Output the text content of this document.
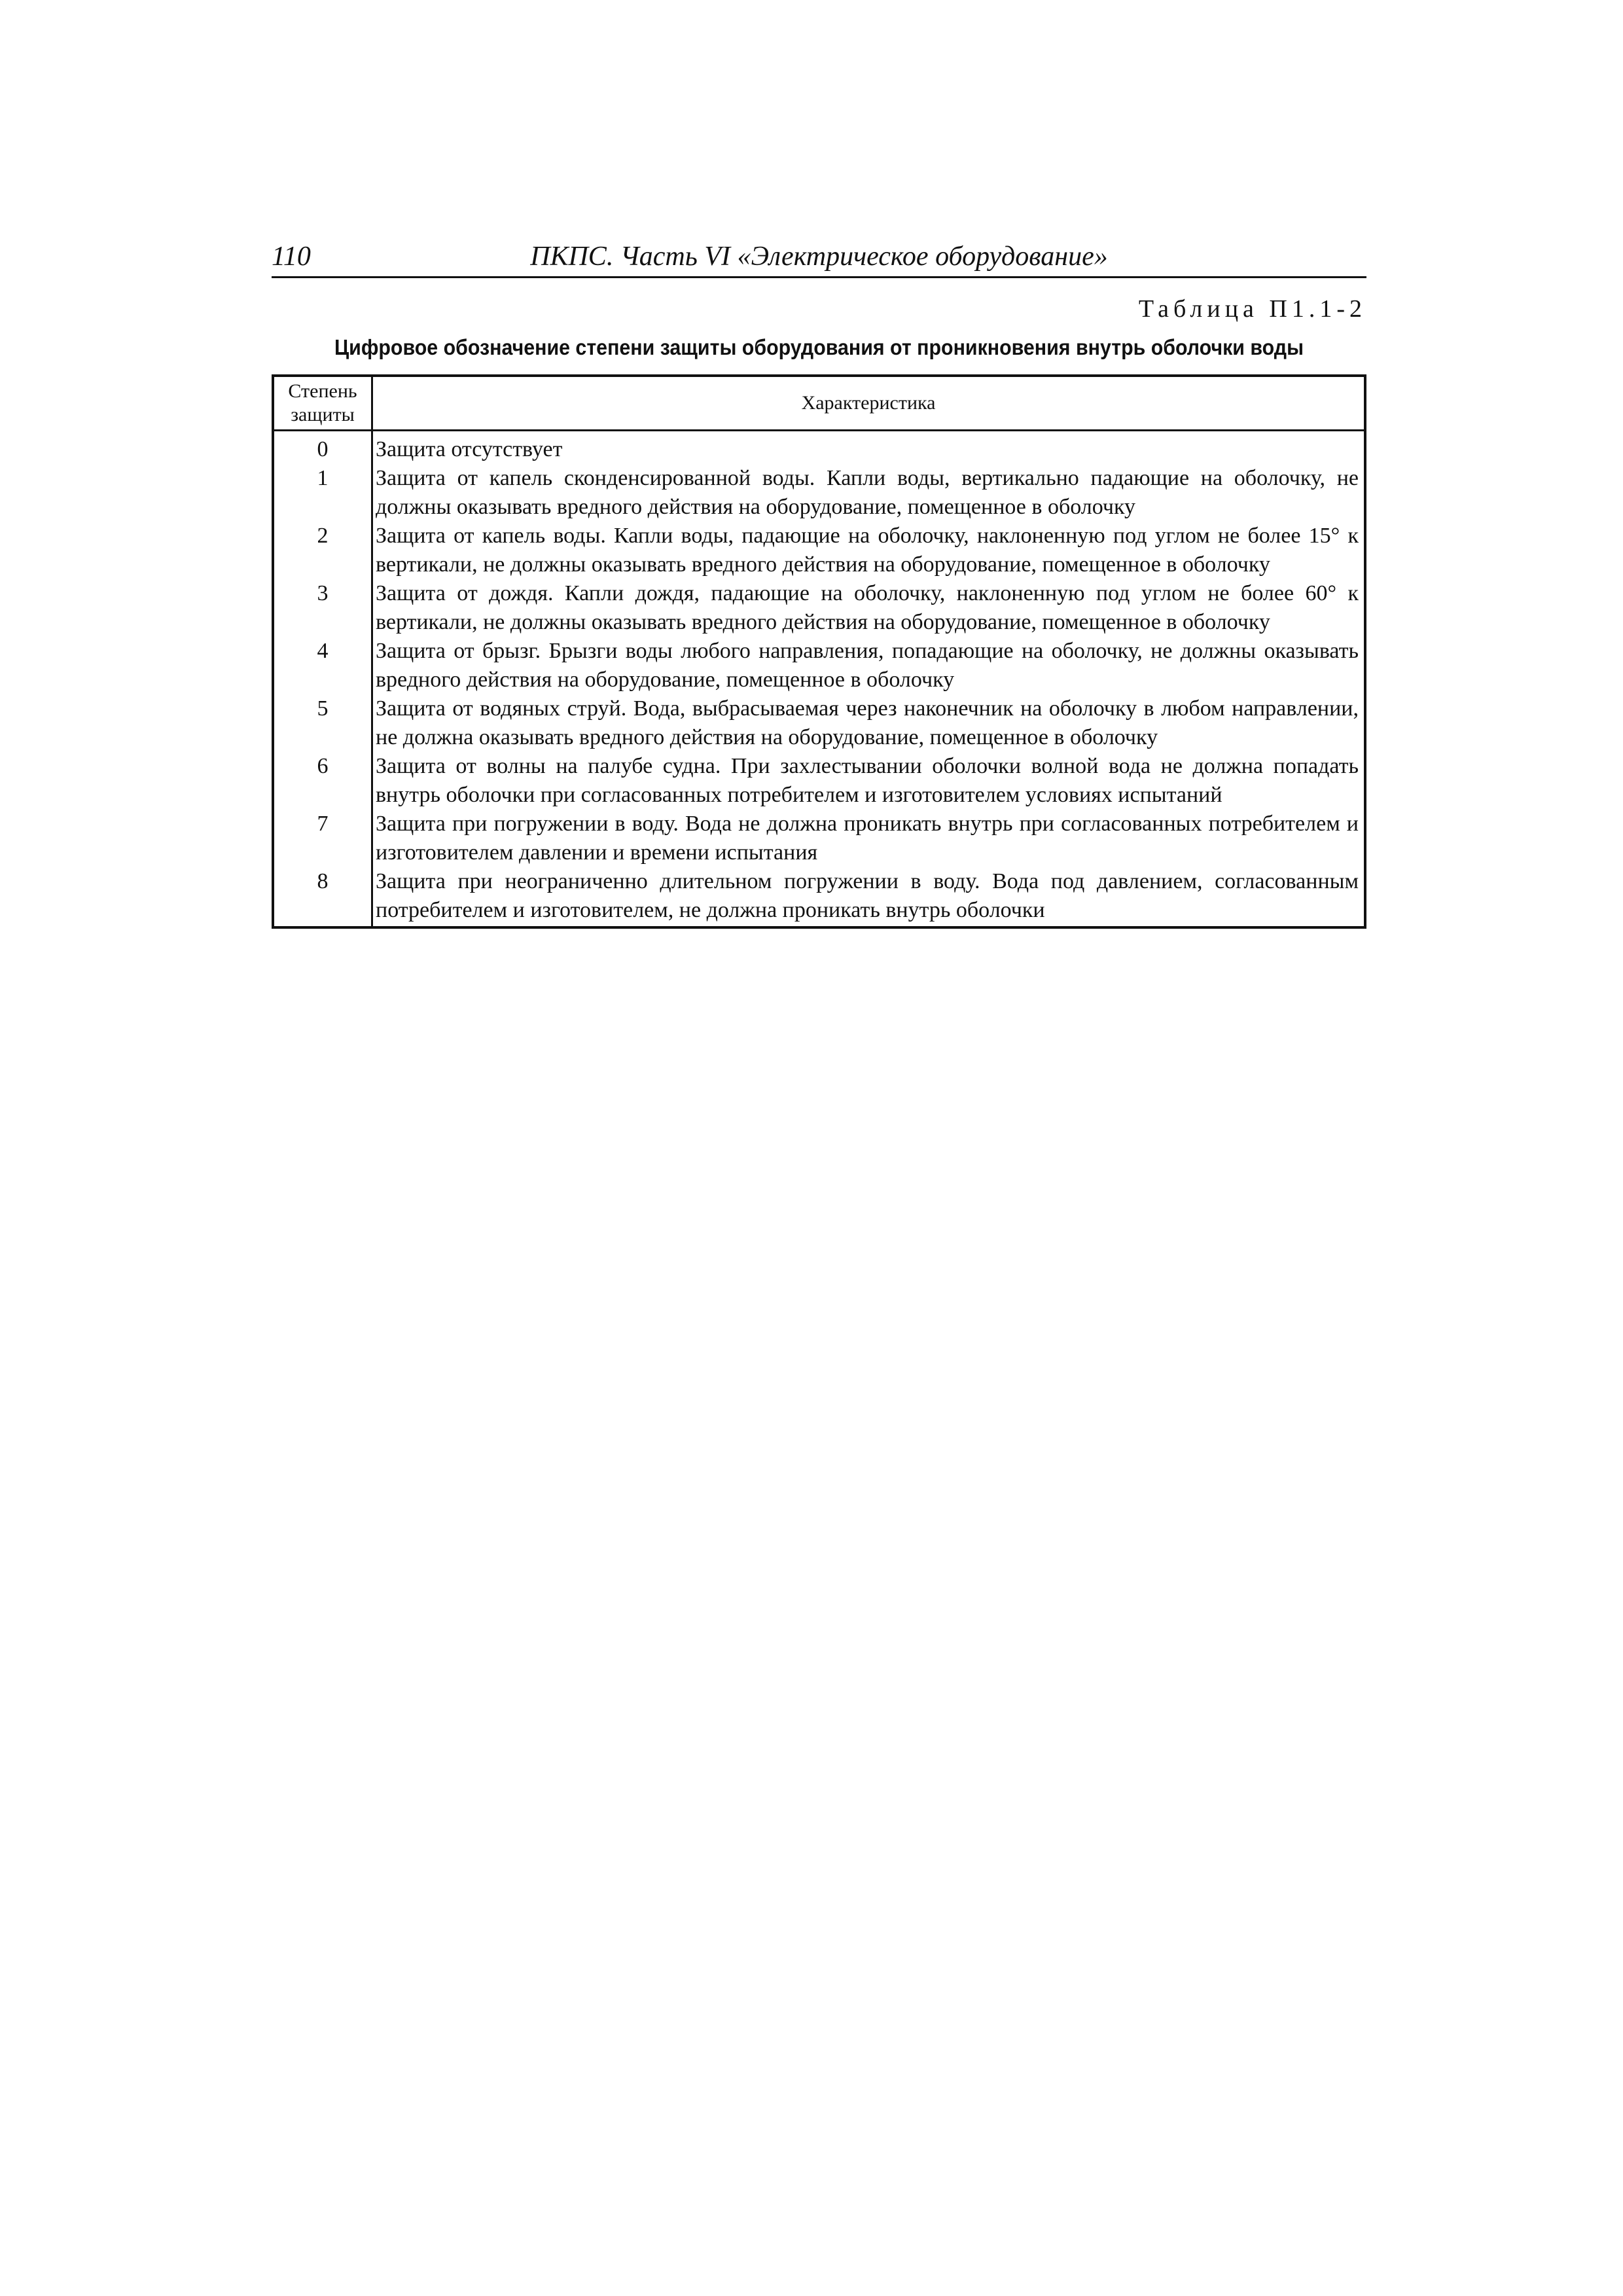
110	ПКПС. Часть VI «Электрическое оборудование»
Таблица П1.1-2
Цифровое обозначение степени защиты оборудования от проникновения внутрь оболочки воды
Степень
защиты	Характеристика
0	Защита отсутствует
1	Защита от капель сконденсированной воды. Капли воды, вертикально падающие на оболочку, не должны оказывать вредного действия на оборудование, помещенное в оболочку
2	Защита от капель воды. Капли воды, падающие на оболочку, наклоненную под углом не более 15° к вертикали, не должны оказывать вредного действия на оборудование, помещенное в оболочку
3	Защита от дождя. Капли дождя, падающие на оболочку, наклоненную под углом не более 60° к вертикали, не должны оказывать вредного действия на оборудование, помещенное в оболочку
4	Защита от брызг. Брызги воды любого направления, попадающие на оболочку, не должны оказывать вредного действия на оборудование, помещенное в оболочку
5	Защита от водяных струй. Вода, выбрасываемая через наконечник на оболочку в любом направлении, не должна оказывать вредного действия на оборудование, помещенное в оболочку
6	Защита от волны на палубе судна. При захлестывании оболочки волной вода не должна попадать внутрь оболочки при согласованных потребителем и изготовителем условиях испытаний
7	Защита при погружении в воду. Вода не должна проникать внутрь при согласованных потребителем и изготовителем давлении и времени испытания
8	Защита при неограниченно длительном погружении в воду. Вода под давлением, согласованным потребителем и изготовителем, не должна проникать внутрь оболочки
